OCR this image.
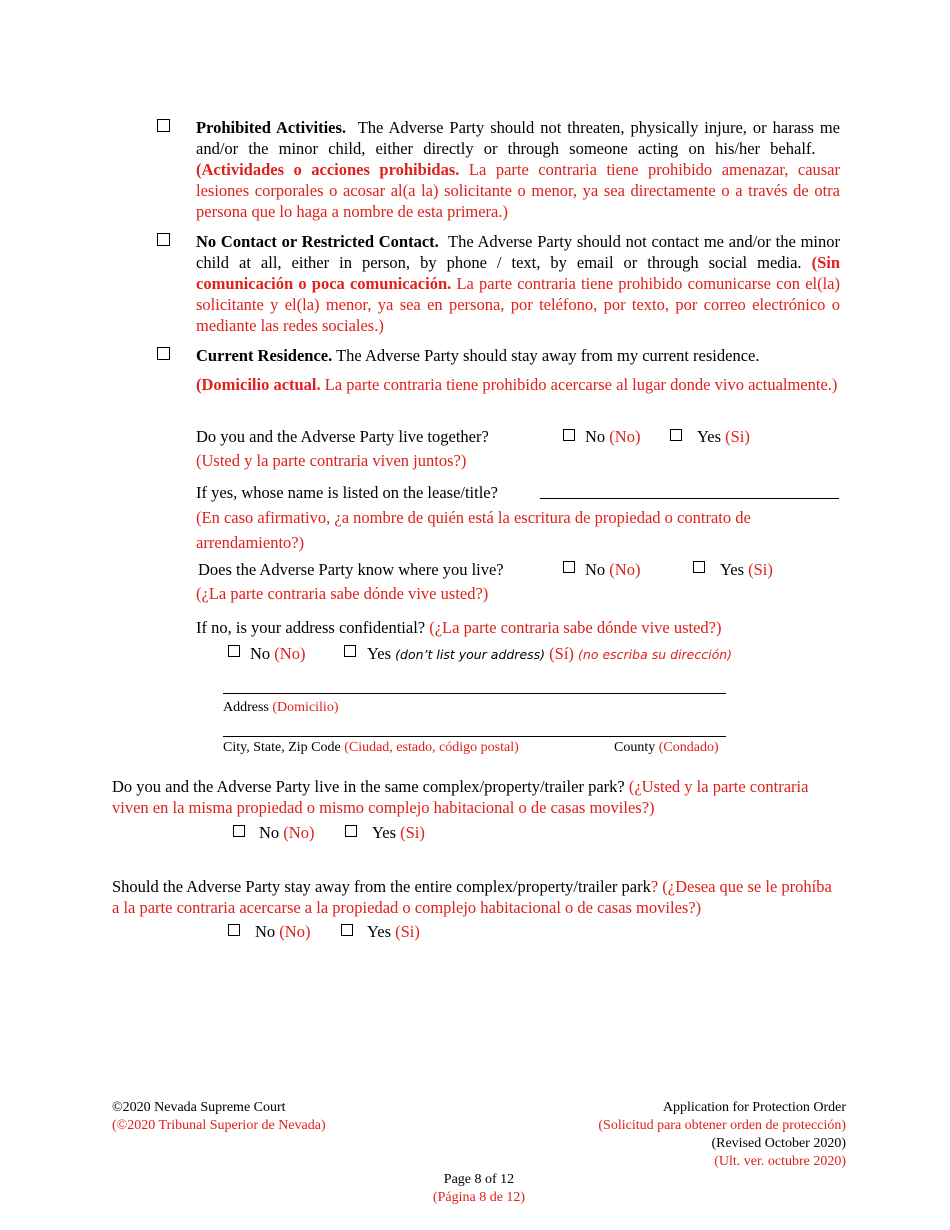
Prohibited Activities. The Adverse Party should not threaten, physically injure, or harass me and/or the minor child, either directly or through someone acting on his/her behalf.    (Actividades o acciones prohibidas. La parte contraria tiene prohibido amenazar, causar lesiones corporales o acosar al(a la) solicitante o menor, ya sea directamente o a través de otra persona que lo haga a nombre de esta primera.)
No Contact or Restricted Contact. The Adverse Party should not contact me and/or the minor child at all, either in person, by phone / text, by email or through social media. (Sin comunicación o poca comunicación. La parte contraria tiene prohibido comunicarse con el(la) solicitante y el(la) menor, ya sea en persona, por teléfono, por texto, por correo electrónico o mediante las redes sociales.)
Current Residence. The Adverse Party should stay away from my current residence.
(Domicilio actual. La parte contraria tiene prohibido acercarse al lugar donde vivo actualmente.)
Do you and the Adverse Party live together?	No (No)	Yes (Si)
(Usted y la parte contraria viven juntos?)
If yes, whose name is listed on the lease/title?
(En caso afirmativo, ¿a nombre de quién está la escritura de propiedad o contrato de arrendamiento?)
Does the Adverse Party know where you live?	No (No)	Yes (Si)
(¿La parte contraria sabe dónde vive usted?)
If no, is your address confidential? (¿La parte contraria sabe dónde vive usted?)
No (No)	Yes (don’t list your address) (Sí) (no escriba su dirección)
Address (Domicilio)
City, State, Zip Code (Ciudad, estado, código postal)	County (Condado)
Do you and the Adverse Party live in the same complex/property/trailer park? (¿Usted y la parte contraria viven en la misma propiedad o mismo complejo habitacional o de casas moviles?)
No (No)	Yes (Si)
Should the Adverse Party stay away from the entire complex/property/trailer park? (¿Desea que se le prohíba a la parte contraria acercarse a la propiedad o complejo habitacional o de casas moviles?)
No (No)	Yes (Si)
©2020 Nevada Supreme Court
(©2020 Tribunal Superior de Nevada)
Application for Protection Order
(Solicitud para obtener orden de protección)
(Revised October 2020)
(Ult. ver. octubre 2020)
Page 8 of 12
(Página 8 de 12)
